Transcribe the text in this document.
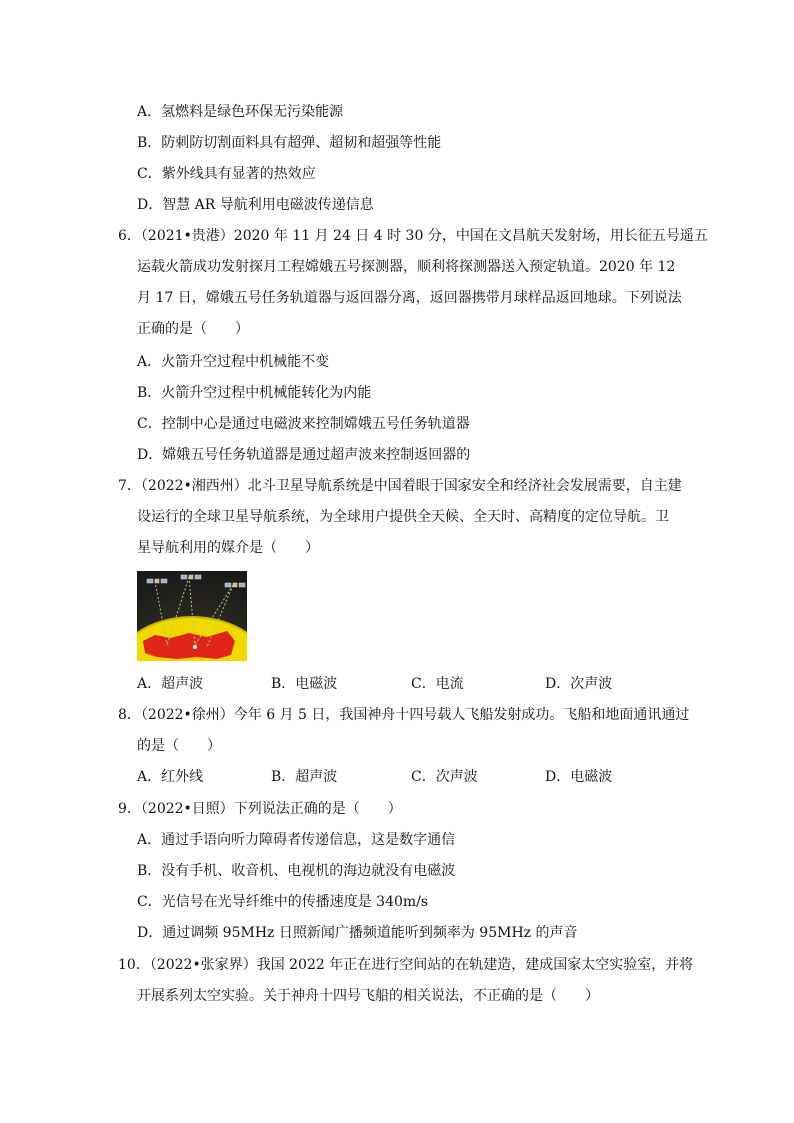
A．氢燃料是绿色环保无污染能源
B．防刺防切割面料具有超弹、超韧和超强等性能
C．紫外线具有显著的热效应
D．智慧 AR 导航利用电磁波传递信息
6．（2021•贵港）2020 年 11 月 24 日 4 时 30 分，中国在文昌航天发射场，用长征五号遥五
运载火箭成功发射探月工程嫦娥五号探测器，顺利将探测器送入预定轨道。2020 年 12
月 17 日，嫦娥五号任务轨道器与返回器分离，返回器携带月球样品返回地球。下列说法
正确的是（　　）
A．火箭升空过程中机械能不变
B．火箭升空过程中机械能转化为内能
C．控制中心是通过电磁波来控制嫦娥五号任务轨道器
D．嫦娥五号任务轨道器是通过超声波来控制返回器的
7．（2022•湘西州）北斗卫星导航系统是中国着眼于国家安全和经济社会发展需要，自主建
设运行的全球卫星导航系统，为全球用户提供全天候、全天时、高精度的定位导航。卫
星导航利用的媒介是（　　）
A．超声波	B．电磁波	C．电流	D．次声波
8．（2022•徐州）今年 6 月 5 日，我国神舟十四号载人飞船发射成功。飞船和地面通讯通过
的是（　　）
A．红外线	B．超声波	C．次声波	D．电磁波
9．（2022•日照）下列说法正确的是（　　）
A．通过手语向听力障碍者传递信息，这是数字通信
B．没有手机、收音机、电视机的海边就没有电磁波
C．光信号在光导纤维中的传播速度是 340m/s
D．通过调频 95MHz 日照新闻广播频道能听到频率为 95MHz 的声音
10．（2022•张家界）我国 2022 年正在进行空间站的在轨建造，建成国家太空实验室，并将
开展系列太空实验。关于神舟十四号飞船的相关说法，不正确的是（　　）
